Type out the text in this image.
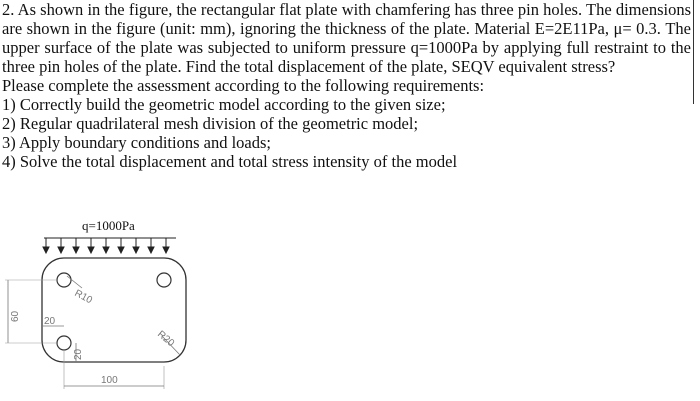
2. As shown in the figure, the rectangular flat plate with chamfering has three pin holes. The dimensions are shown in the figure (unit: mm), ignoring the thickness of the plate. Material E=2E11Pa, μ= 0.3. The upper surface of the plate was subjected to uniform pressure q=1000Pa by applying full restraint to the three pin holes of the plate. Find the total displacement of the plate, SEQV equivalent stress?

Please complete the assessment according to the following requirements:

1) Correctly build the geometric model according to the given size;

2) Regular quadrilateral mesh division of the geometric model;

3) Apply boundary conditions and loads;

4) Solve the total displacement and total stress intensity of the model

q=1000Pa
R10
R20
20
20
60
100
